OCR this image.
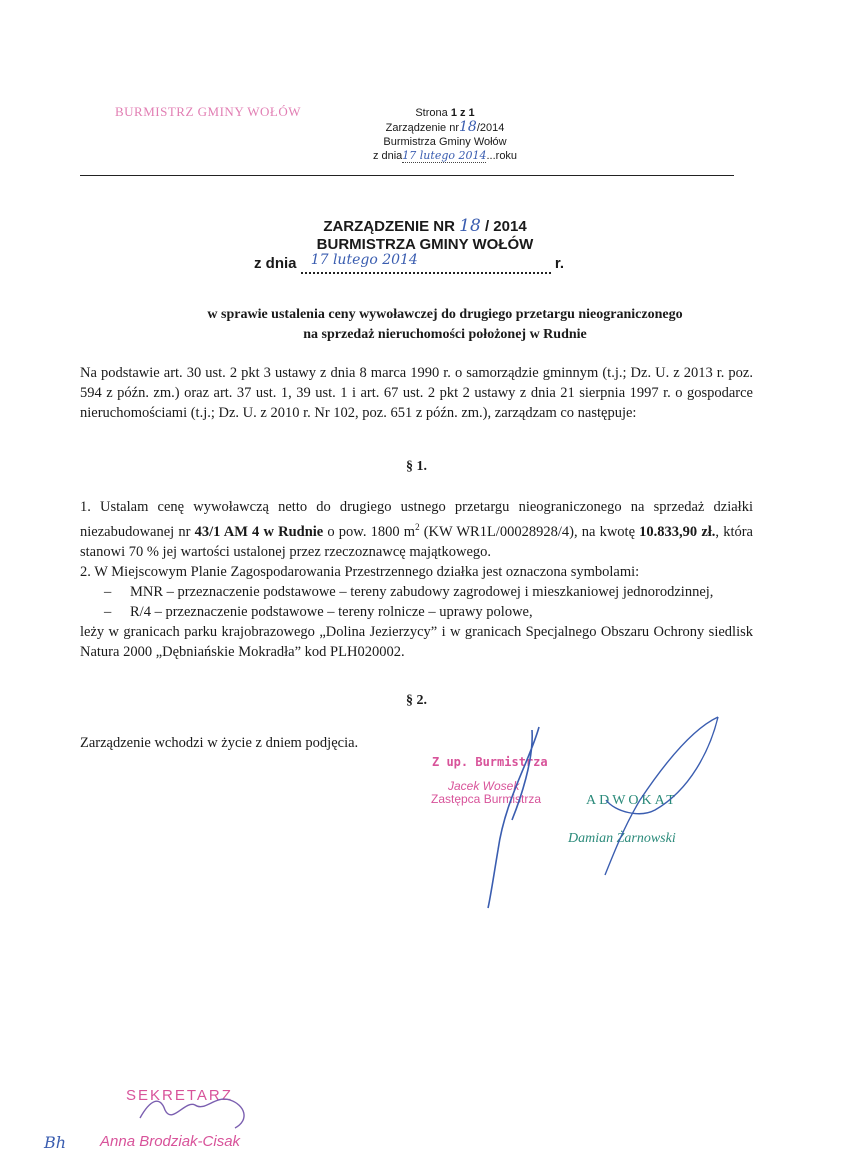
BURMISTRZ GMINY WOŁÓW	Strona 1 z 1
Zarządzenie nr18/2014
Burmistrza Gminy Wołów
z dnia17 lutego 2014...roku
ZARZĄDZENIE NR 18 / 2014
BURMISTRZA GMINY WOŁÓW
z dnia 17 lutego 2014	r.
w sprawie ustalenia ceny wywoławczej do drugiego przetargu nieograniczonego
na sprzedaż nieruchomości położonej w Rudnie
Na podstawie art. 30 ust. 2 pkt 3 ustawy z dnia 8 marca 1990 r. o samorządzie gminnym (t.j.; Dz. U. z 2013 r. poz. 594 z późn. zm.) oraz art. 37 ust. 1, 39 ust. 1 i art. 67 ust. 2 pkt 2 ustawy z dnia 21 sierpnia 1997 r. o gospodarce nieruchomościami (t.j.; Dz. U. z 2010 r. Nr 102, poz. 651 z późn. zm.), zarządzam co następuje:
§ 1.
1. Ustalam cenę wywoławczą netto do drugiego ustnego przetargu nieograniczonego na sprzedaż działki niezabudowanej nr 43/1 AM 4 w Rudnie o pow. 1800 $m^2$ (KW WR1L/00028928/4), na kwotę 10.833,90 zł., która stanowi 70 % jej wartości ustalonej przez rzeczoznawcę majątkowego.
2. W Miejscowym Planie Zagospodarowania Przestrzennego działka jest oznaczona symbolami:
–	MNR – przeznaczenie podstawowe – tereny zabudowy zagrodowej i mieszkaniowej jednorodzinnej,
–	R/4 – przeznaczenie podstawowe – tereny rolnicze – uprawy polowe,
leży w granicach parku krajobrazowego „Dolina Jezierzycy” i w granicach Specjalnego Obszaru Ochrony siedlisk Natura 2000 „Dębniańskie Mokradła” kod PLH020002.
§ 2.
Zarządzenie wchodzi w życie z dniem podjęcia.
Z up. Burmistrza
Jacek Wosek
Zastępca Burmistrza	ADWOKAT
Damian Żarnowski
SEKRETARZ
Anna Brodziak-Cisak
Bh
